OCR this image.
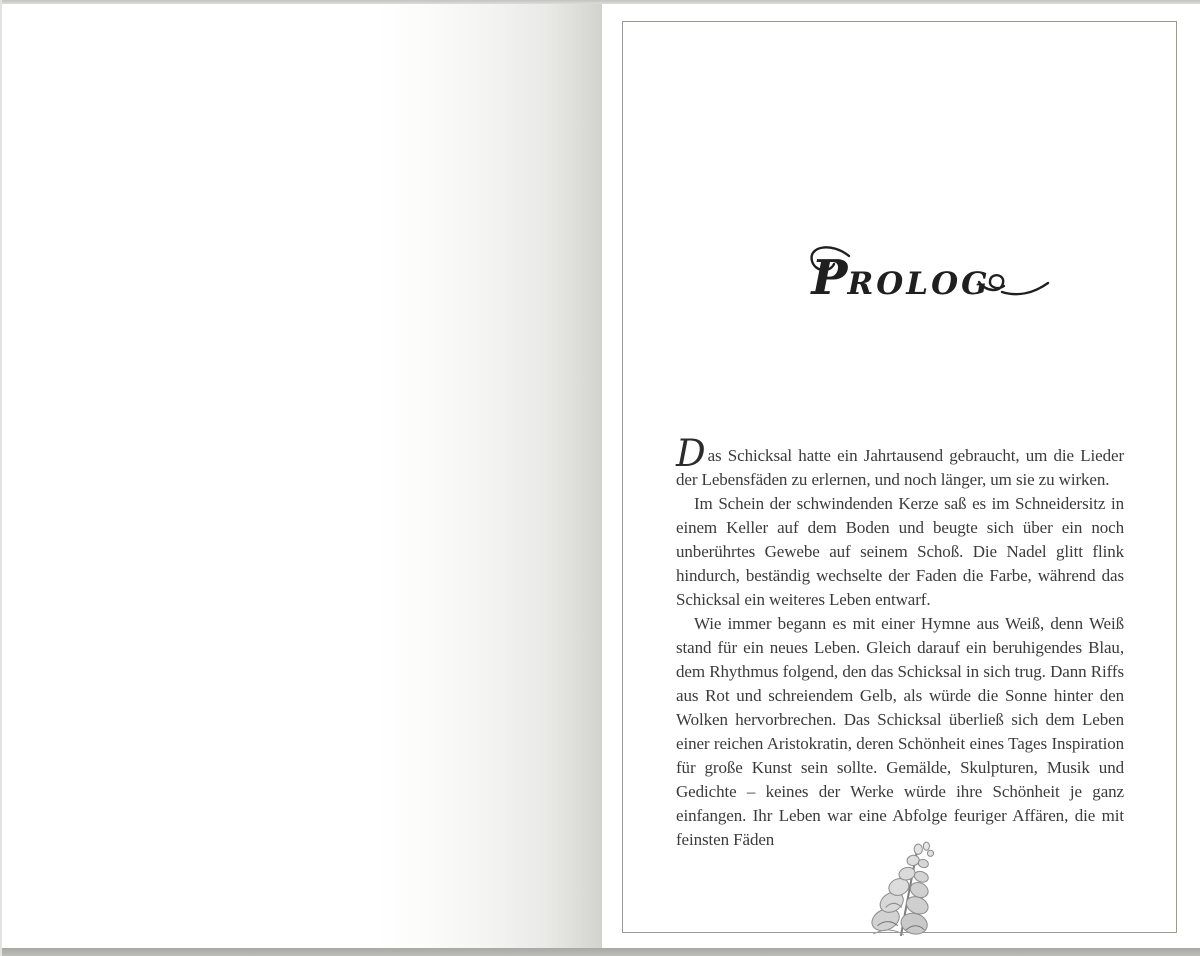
PROLOG

Das Schicksal hatte ein Jahrtausend gebraucht, um die Lieder der Lebensfäden zu erlernen, und noch länger, um sie zu wirken.

Im Schein der schwindenden Kerze saß es im Schneidersitz in einem Keller auf dem Boden und beugte sich über ein noch unberührtes Gewebe auf seinem Schoß. Die Nadel glitt flink hindurch, beständig wechselte der Faden die Farbe, während das Schicksal ein weiteres Leben entwarf.

Wie immer begann es mit einer Hymne aus Weiß, denn Weiß stand für ein neues Leben. Gleich darauf ein beruhigendes Blau, dem Rhythmus folgend, den das Schicksal in sich trug. Dann Riffs aus Rot und schreiendem Gelb, als würde die Sonne hinter den Wolken hervorbrechen. Das Schicksal überließ sich dem Leben einer reichen Aristokratin, deren Schönheit eines Tages Inspiration für große Kunst sein sollte. Gemälde, Skulpturen, Musik und Gedichte – keines der Werke würde ihre Schönheit je ganz einfangen. Ihr Leben war eine Abfolge feuriger Affären, die mit feinsten Fäden
